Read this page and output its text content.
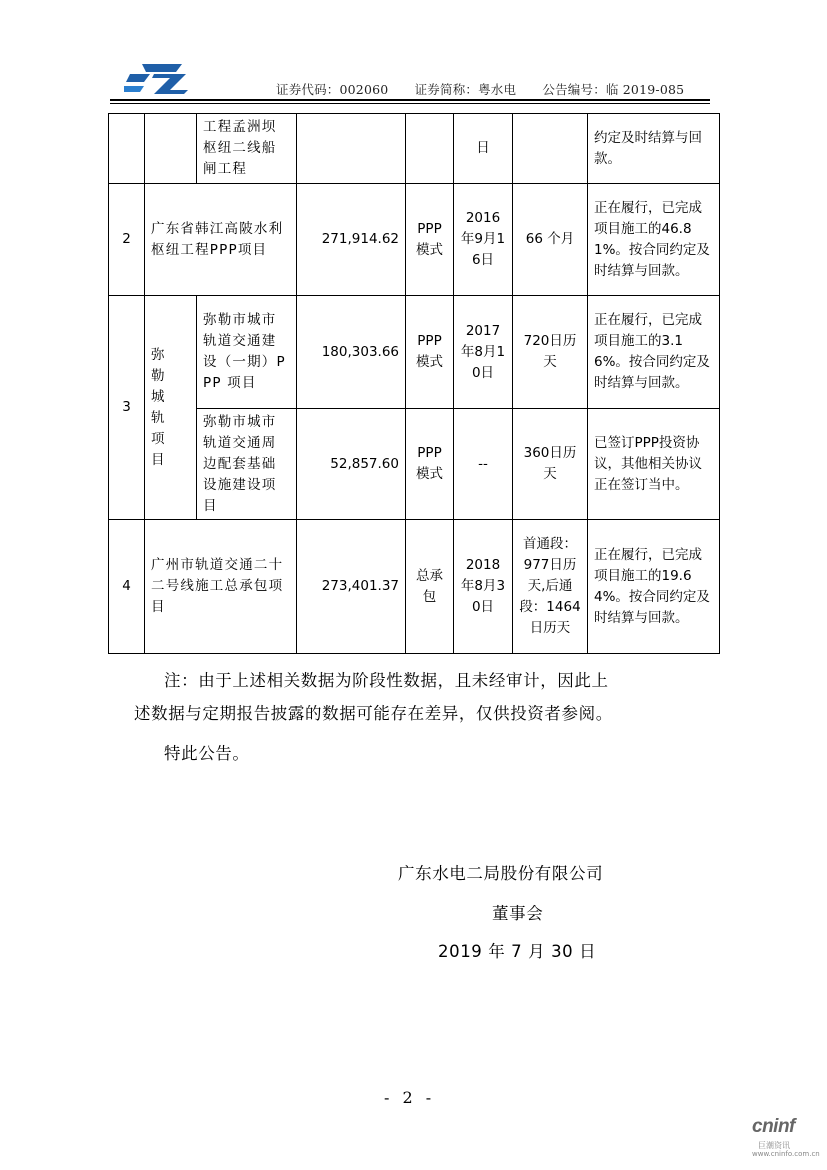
证券代码：002060 证券简称：粤水电 公告编号：临 2019-085
		工程孟洲坝枢纽二线船闸工程			日		约定及时结算与回款。
2	广东省韩江高陂水利枢纽工程PPP项目		271,914.62	PPP模式	2016年9月16日	66 个月	正在履行，已完成项目施工的46.81%。按合同约定及时结算与回款。
3	弥勒城轨项目	弥勒市城市轨道交通建设（一期）PPP 项目	180,303.66	PPP模式	2017年8月10日	720日历天	正在履行，已完成项目施工的3.16%。按合同约定及时结算与回款。
		弥勒市城市轨道交通周边配套基础设施建设项目	52,857.60	PPP模式	--	360日历天	已签订PPP投资协议，其他相关协议正在签订当中。
4	广州市轨道交通二十二号线施工总承包项目		273,401.37	总承包	2018年8月30日	首通段：977日历天,后通段：1464日历天	正在履行，已完成项目施工的19.64%。按合同约定及时结算与回款。

注：由于上述相关数据为阶段性数据，且未经审计，因此上

述数据与定期报告披露的数据可能存在差异，仅供投资者参阅。

特此公告。
广东水电二局股份有限公司
董事会
2019 年 7 月 30 日
- 2 -
cninf
巨潮资讯
www.cninfo.com.cn
